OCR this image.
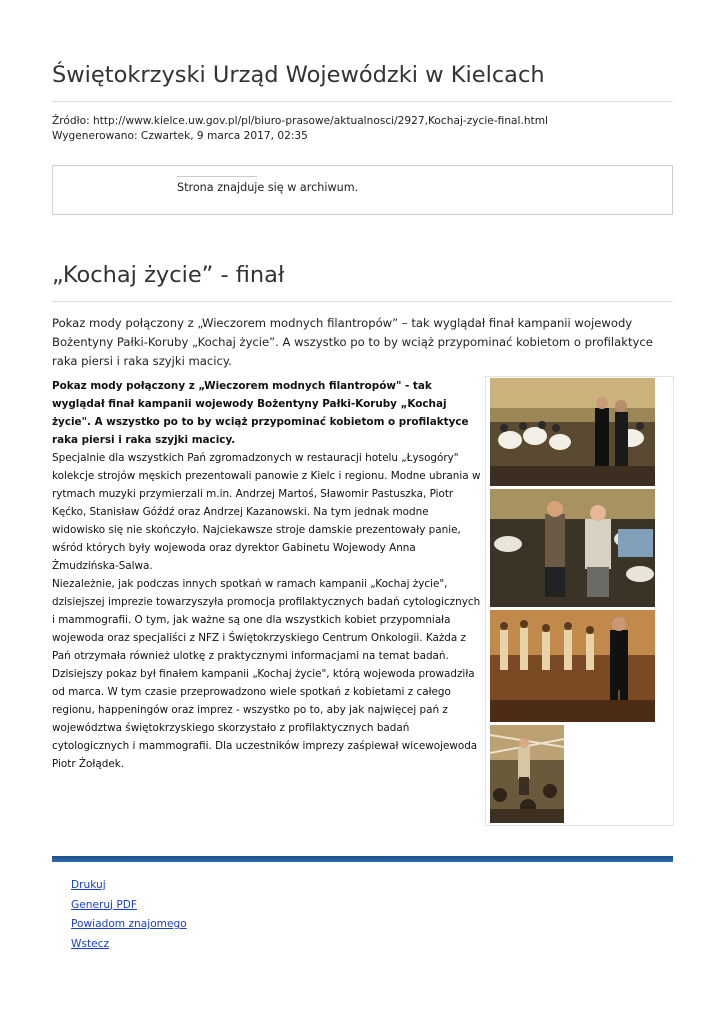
Świętokrzyski Urząd Wojewódzki w Kielcach
Źródło: http://www.kielce.uw.gov.pl/pl/biuro-prasowe/aktualnosci/2927,Kochaj-zycie-final.html
Wygenerowano: Czwartek, 9 marca 2017, 02:35
Strona znajduje się w archiwum.
„Kochaj życie” - finał
Pokaz mody połączony z „Wieczorem modnych filantropów” – tak wyglądał finał kampanii wojewody Bożentyny Pałki-Koruby „Kochaj życie”. A wszystko po to by wciąż przypominać kobietom o profilaktyce raka piersi i raka szyjki macicy.

Pokaz mody połączony z „Wieczorem modnych filantropów" - tak wyglądał finał kampanii wojewody Bożentyny Pałki-Koruby „Kochaj życie". A wszystko po to by wciąż przypominać kobietom o profilaktyce raka piersi i raka szyjki macicy.

Specjalnie dla wszystkich Pań zgromadzonych w restauracji hotelu „Łysogóry" kolekcje strojów męskich prezentowali panowie z Kielc i regionu. Modne ubrania w rytmach muzyki przymierzali m.in. Andrzej Martoś, Sławomir Pastuszka, Piotr Kęćko, Stanisław Góźdź oraz Andrzej Kazanowski. Na tym jednak modne widowisko się nie skończyło. Najciekawsze stroje damskie prezentowały panie, wśród których były wojewoda oraz dyrektor Gabinetu Wojewody Anna Żmudzińska-Salwa.

Niezależnie, jak podczas innych spotkań w ramach kampanii „Kochaj życie", dzisiejszej imprezie towarzyszyła promocja profilaktycznych badań cytologicznych i mammografii. O tym, jak ważne są one dla wszystkich kobiet przypomniała wojewoda oraz specjaliści z NFZ i Świętokrzyskiego Centrum Onkologii. Każda z Pań otrzymała również ulotkę z praktycznymi informacjami na temat badań.

Dzisiejszy pokaz był finałem kampanii „Kochaj życie", którą wojewoda prowadziła od marca. W tym czasie przeprowadzono wiele spotkań z kobietami z całego regionu, happeningów oraz imprez - wszystko po to, aby jak najwięcej pań z województwa świętokrzyskiego skorzystało z profilaktycznych badań cytologicznych i mammografii. Dla uczestników imprezy zaśpiewał wicewojewoda Piotr Żołądek.

Drukuj
Generuj PDF
Powiadom znajomego
Wstecz
